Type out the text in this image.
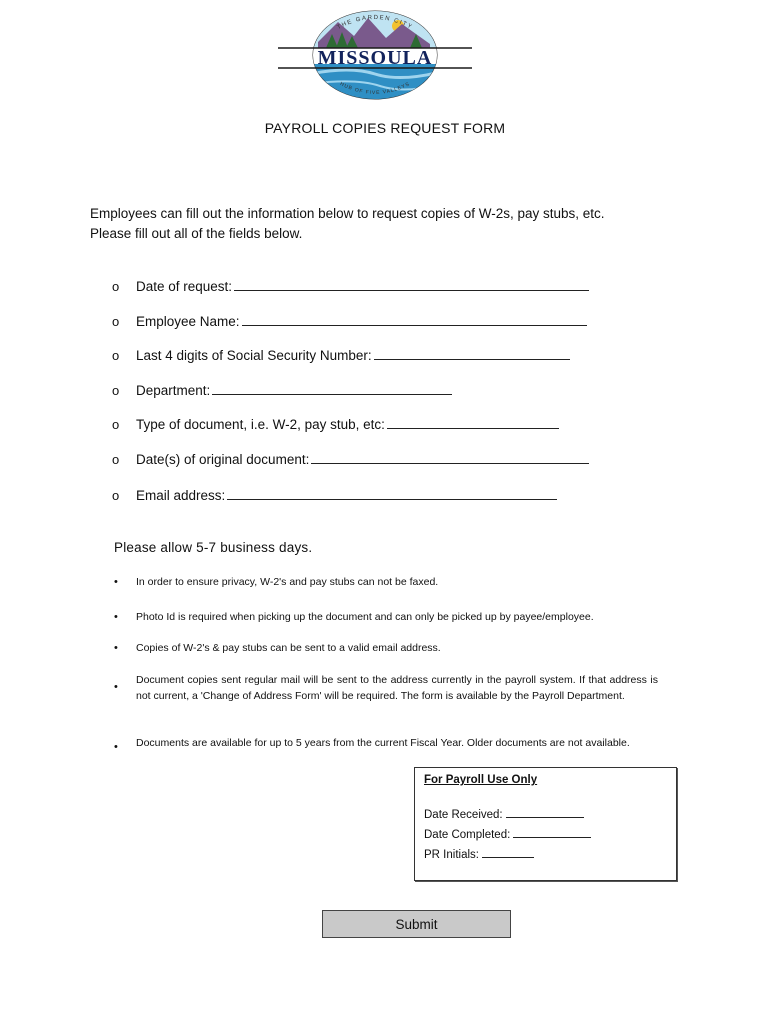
MISSOULA
THE GARDEN CITY
HUB OF FIVE VALLEYS
PAYROLL COPIES REQUEST FORM
Employees can fill out the information below to request copies of W-2s, pay stubs, etc. Please fill out all of the fields below.
o	Date of request:
o	Employee Name:
o	Last 4 digits of Social Security Number:
o	Department:
o	Type of document, i.e. W-2, pay stub, etc:
o	Date(s) of original document:
o	Email address:
Please allow 5-7 business days.
•	In order to ensure privacy, W-2's and pay stubs can not be faxed.
•	Photo Id is required when picking up the document and can only be picked up by payee/employee.
•	Copies of W-2's & pay stubs can be sent to a valid email address.
•
Document copies sent regular mail will be sent to the address currently in the payroll system. If that address is not current, a 'Change of Address Form' will be required. The form is available by the Payroll Department.
•	Documents are available for up to 5 years from the current Fiscal Year. Older documents are not available.
For Payroll Use Only
Date Received:
Date Completed:
PR Initials:
Submit
